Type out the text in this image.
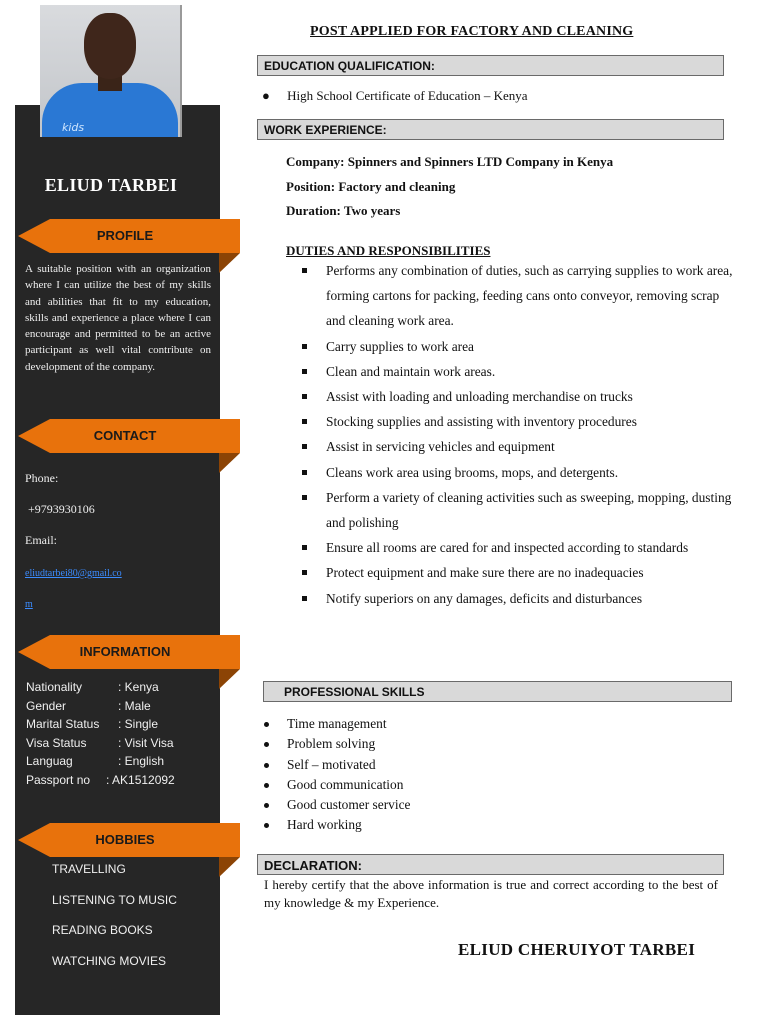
kids
ELIUD TARBEI
PROFILE
A suitable position with an organization where I can utilize the best of my skills and abilities that fit to my education, skills and experience a place where I can encourage and permitted to be an active participant as well vital contribute on development of the company.
CONTACT
Phone:
+9793930106
Email:
eliudtarbei80@gmail.co
m
INFORMATION
Nationality	: Kenya
Gender	: Male
Marital Status : Single
Visa Status	: Visit Visa
Languag	: English
Passport no : AK1512092
HOBBIES
TRAVELLING
LISTENING TO MUSIC
READING BOOKS
WATCHING MOVIES
POST APPLIED FOR FACTORY AND CLEANING
EDUCATION QUALIFICATION:
● High School Certificate of Education – Kenya
WORK EXPERIENCE:
Company: Spinners and Spinners LTD Company in Kenya
Position: Factory and cleaning
Duration: Two years
DUTIES AND RESPONSIBILITIES
Performs any combination of duties, such as carrying supplies to work area, forming cartons for packing, feeding cans onto conveyor, removing scrap and cleaning work area.
Carry supplies to work area
Clean and maintain work areas.
Assist with loading and unloading merchandise on trucks
Stocking supplies and assisting with inventory procedures
Assist in servicing vehicles and equipment
Cleans work area using brooms, mops, and detergents.
Perform a variety of cleaning activities such as sweeping, mopping, dusting and polishing
Ensure all rooms are cared for and inspected according to standards
Protect equipment and make sure there are no inadequacies
Notify superiors on any damages, deficits and disturbances
PROFESSIONAL SKILLS
Time management
Problem solving
Self – motivated
Good communication
Good customer service
Hard working
DECLARATION:
I hereby certify that the above information is true and correct according to the best of my knowledge & my Experience.
ELIUD CHERUIYOT TARBEI
